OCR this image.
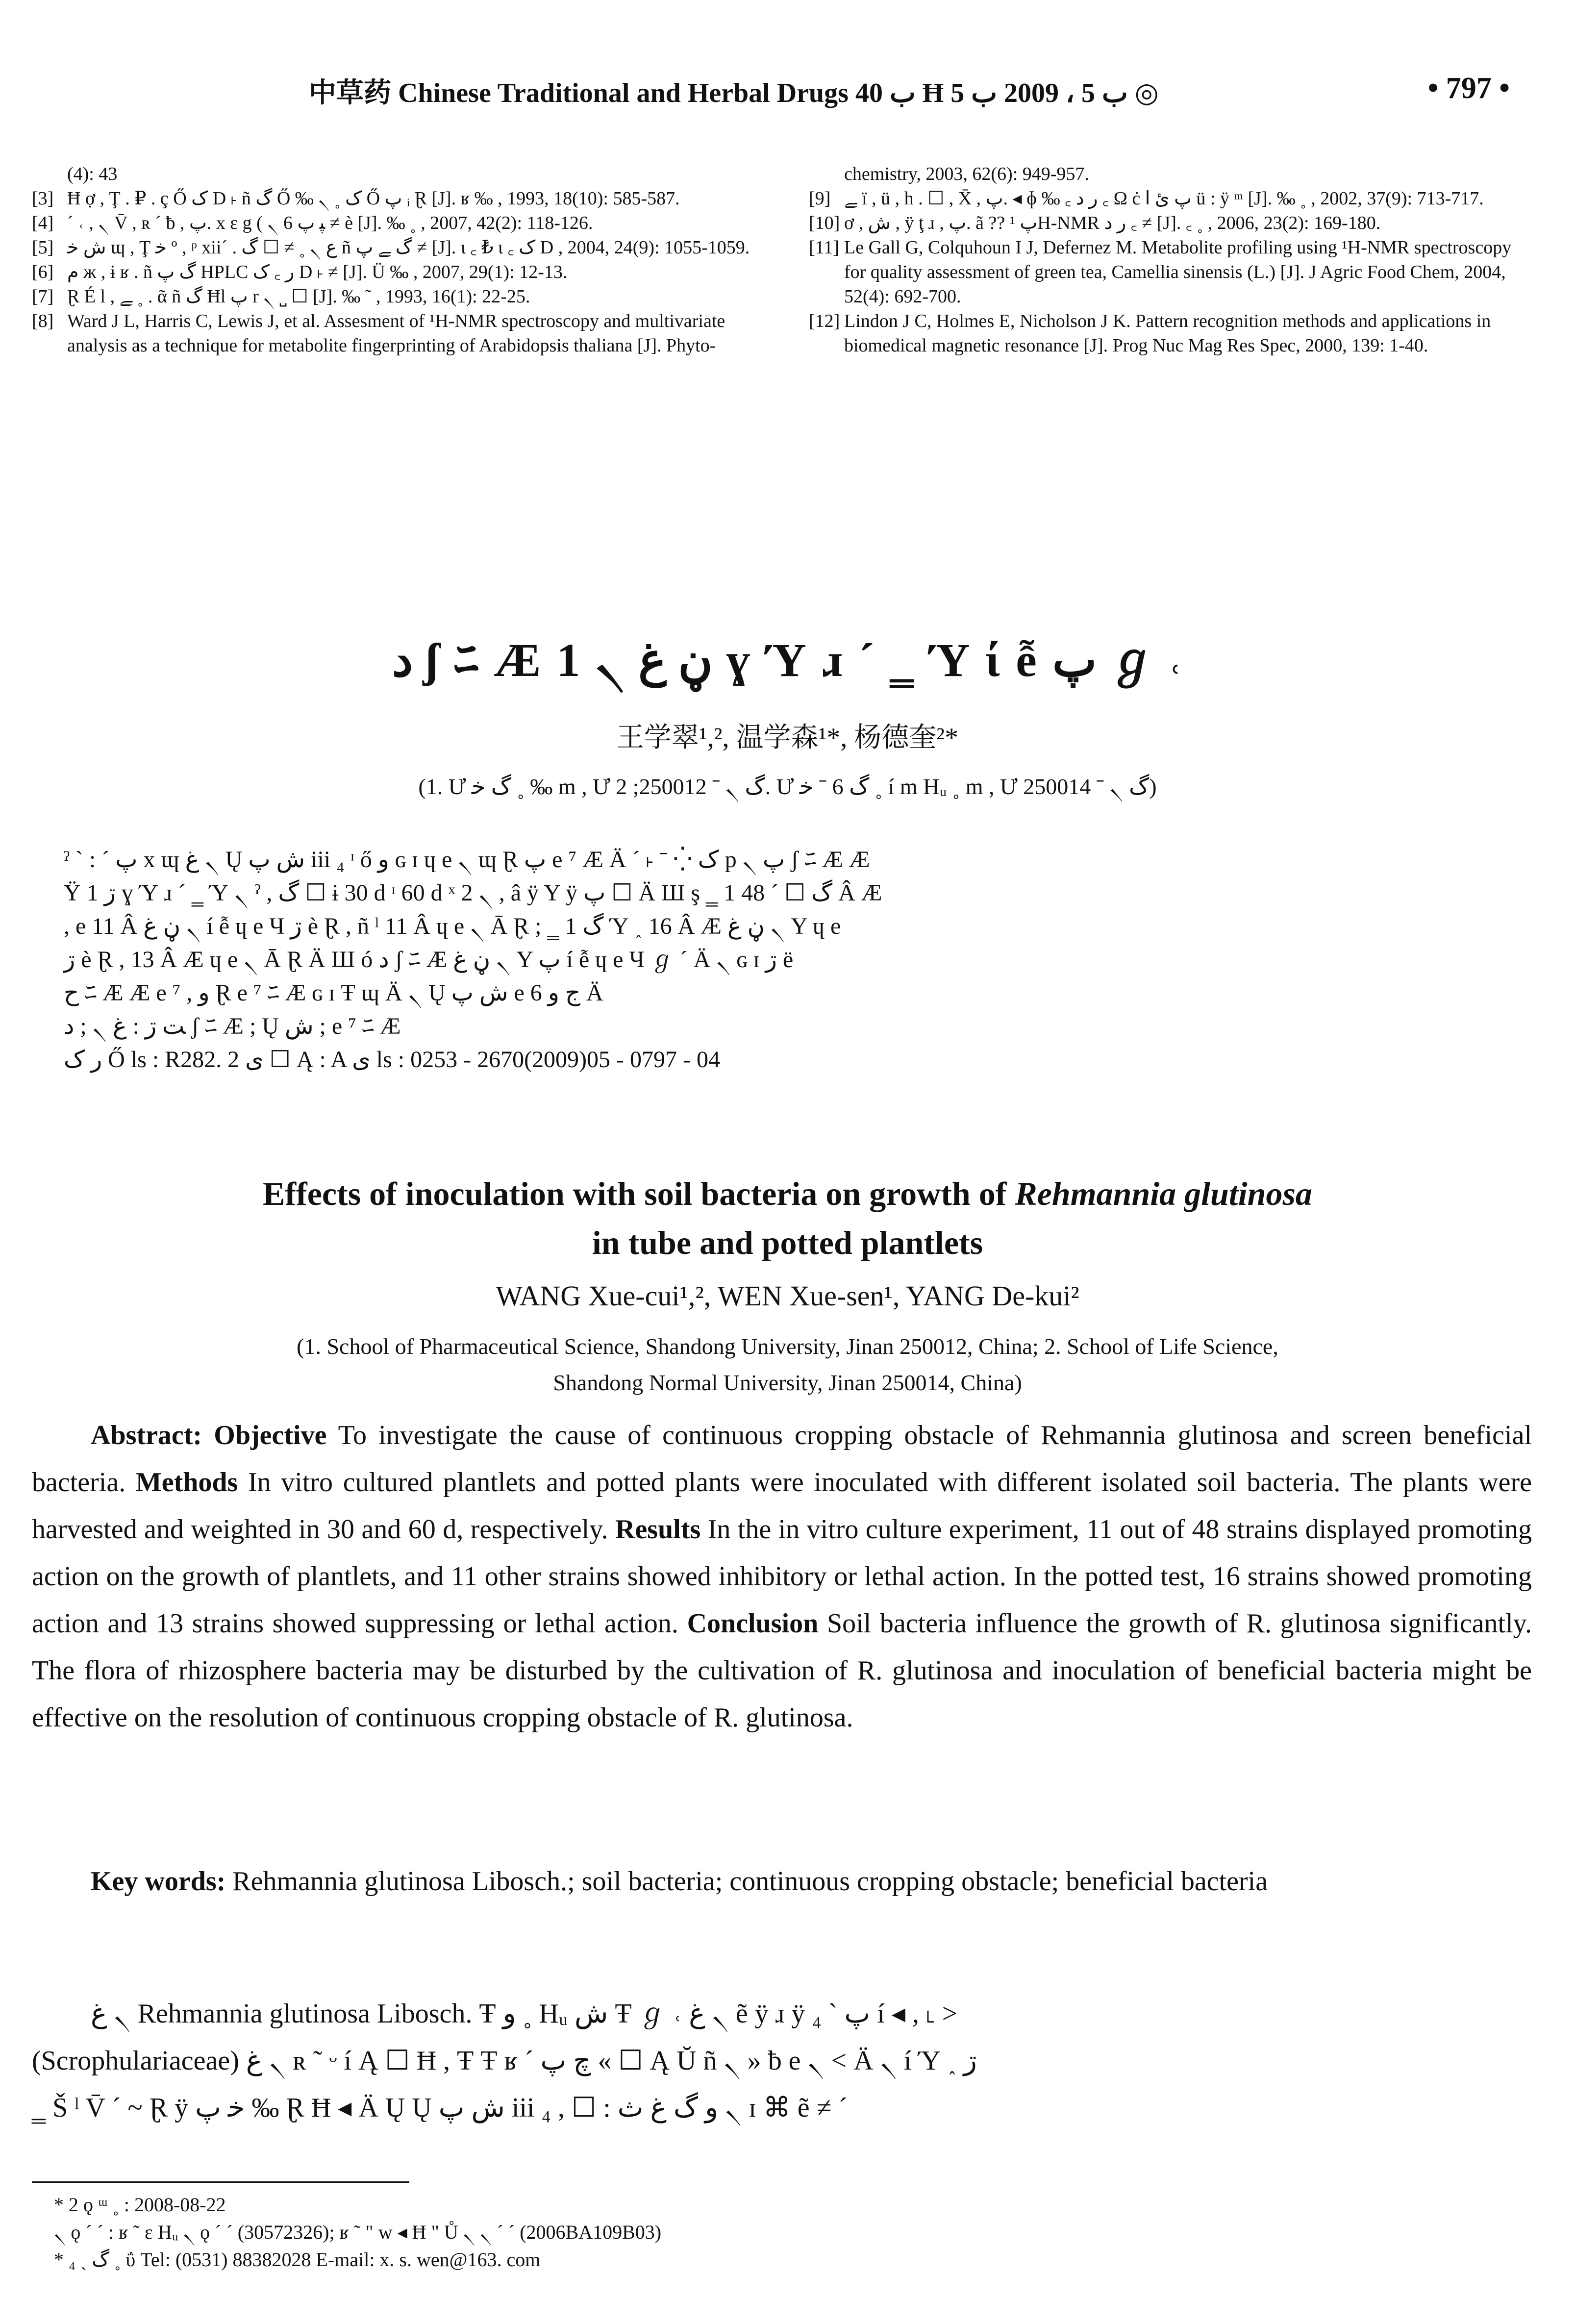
中草药 Chinese Traditional and Herbal Drugs ب 40 Ħ ب 5 ، 2009 ب 5 ◎	• 797 •
(4): 43
[3] Ħ ợ , Ţ . ₽ . ç Ő ک D ˫ ñ گ Ő ‰ ৲ ˳ ک Ő پ ᵢ Ɽ [J]. ʁ ‰ , 1993, 18(10): 585-587.
[4] ˊ ˓ , ৲ V̄ , ʀ ˊ ƀ , پ. x ɛ g ( ৲ 6 ﭙ پ ≠ è [J]. ‰ ˳ , 2007, 42(2): 118-126.
[5] ش ﺧ ɰ , Ţ ﺧ º , ᵖ xiiˊ . ع ৲ ˳ ≠ ☐ گ ñ گ ﮯ پ ≠ [J]. ɩ ꜀ ₺ ɩ ꜀ ک D , 2004, 24(9): 1055-1059.
[6] م ж , ɨ ʁ . ñ گ پ HPLC ﺭ ꜀ ک D ˫ ≠ [J]. Ü ‰ , 2007, 29(1): 12-13.
[7] Ɽ É l , ﮯ ˳ . ᾶ ñ گ Ħl پ r ৲ ˽ ☐ [J]. ‰ ˜ , 1993, 16(1): 22-25.
[8] Ward J L, Harris C, Lewis J, et al. Assesment of ¹H-NMR spectroscopy and multivariate analysis as a technique for metabolite fingerprinting of Arabidopsis thaliana [J]. Phyto-
chemistry, 2003, 62(6): 949-957.
[9] ﮯ ï , ü , h . ☐ , X̄ , پ. ◂ ɸ ‰ ꜀ ﺭ ﺩ ꜀ Ω ċ پ ئ ﺍ ü : ÿ ᵐ [J]. ‰ ˳ , 2002, 37(9): 713-717.
[10] ơ , ش , ÿ ţ ɹ , پ. ã ?? پ ¹H-NMR ﺭ ﺩ ꜀ ≠ [J]. ꜀ ˳ , 2006, 23(2): 169-180.
[11] Le Gall G, Colquhoun I J, Defernez M. Metabolite profiling using ¹H-NMR spectroscopy for quality assessment of green tea, Camellia sinensis (L.) [J]. J Agric Food Chem, 2004, 52(4): 692-700.
[12] Lindon J C, Holmes E, Nicholson J K. Pattern recognition methods and applications in biomedical magnetic resonance [J]. Prog Nuc Mag Res Spec, 2000, 139: 1-40.
ﺩ ʃ ﾆ Æ ڼ ﻍ ৲ 1 ɣ Ύ ɹ ˊ ‗ Ύ ί ễ پ ℊ ˓
王学翠¹,², 温学森¹*, 杨德奎²*
(1. Ư گ ﺧ ˳ ‰ m , Ư گ ৲ ˉ 250012; 2. Ư گ 6 ˉ ﺧ ˳ í m Hᵤ ˳ m , Ư گ ৲ ˉ 250014)

ˀ ˋ : ˊ پ x ɰ ﻍ ৲ Ų ش پ iii ₄ ᶦ ő ﻭ ɢ ɪ ɥ e ৲ ɰ Ɽ پ e ⁷ Æ Ä ˊ ˫ ˉ ⁛ ک p ৲ پ ʃ ﾆ Æ Æ

Ÿ ڗ 1 ɣ Ύ ɹ ˊ ‗ Ύ ৲ ˀ , گ ☐ ɨ 30 d ᶦ 60 d ˣ 2 ৲ , â ÿ Y ÿ پ ☐ Ä Ш ş ‗ 1 گ ☐ ˊ 48 Â Æ

, e 11 Â ڼ ﻍ ৲ í ễ ɥ e Ч ڗ è Ɽ , ñ ˡ 11 Â ɥ e ৲ Ā Ɽ ; ‗ 1 گ Ύ ˰ 16 Â Æ ڼ ﻍ ৲ Υ ɥ e

ڗ è Ɽ , 13 Â Æ ɥ e ৲ Ā Ɽ Ä Ш ó ﺩ ʃ ﾆ Æ ڼ ﻍ ৲ Υ پ í ễ ɥ e Ч ℊ ˊ Ä ৲ ɢ ɪ ڗ ë

ﺡ ﾆ Æ Æ e ⁷ , ﻭ Ɽ e ⁷ ﾆ Æ ɢ ɪ Ŧ ɰ Ä ৲ Ų ش پ e 6 ﺝ ﻭ Ä

ﺖ ڗ : ﻍ ৲ ; ﺩ ʃ ﾆ Æ ; Ų ش ; e ⁷ ﾆ Æ

ﺭ ک Ő ls : R282. 2 ی ☐ Ą : A ی ls : 0253 - 2670(2009)05 - 0797 - 04

Effects of inoculation with soil bacteria on growth of Rehmannia glutinosa
in tube and potted plantlets
WANG Xue-cui¹,², WEN Xue-sen¹, YANG De-kui²
(1. School of Pharmaceutical Science, Shandong University, Jinan 250012, China; 2. School of Life Science,
Shandong Normal University, Jinan 250014, China)

Abstract: Objective To investigate the cause of continuous cropping obstacle of Rehmannia glutinosa and screen beneficial bacteria. Methods In vitro cultured plantlets and potted plants were inoculated with different isolated soil bacteria. The plants were harvested and weighted in 30 and 60 d, respectively. Results In the in vitro culture experiment, 11 out of 48 strains displayed promoting action on the growth of plantlets, and 11 other strains showed inhibitory or lethal action. In the potted test, 16 strains showed promoting action and 13 strains showed suppressing or lethal action. Conclusion Soil bacteria influence the growth of R. glutinosa significantly. The flora of rhizosphere bacteria may be disturbed by the cultivation of R. glutinosa and inoculation of beneficial bacteria might be effective on the resolution of continuous cropping obstacle of R. glutinosa.

Key words: Rehmannia glutinosa Libosch.; soil bacteria; continuous cropping obstacle; beneficial bacteria
ﻍ ৲ Rehmannia glutinosa Libosch. Ŧ ﻭ ˳ Hᵤ ش Ŧ ℊ ˓ ﻍ ৲ ẽ ÿ ɹ ÿ پ ˋ ₄ í ◂ , ˪ ˃
(Scrophulariaceae) ﻍ ৲ ʀ ˜ ᵕ í Ą ☐ Ħ , Ŧ Ŧ ʁ ˊ ﭺ پ « ☐ Ą Ŭ ñ ৲ » ƀ e ৲ ˂ Ä ৲ í Ύ ˰ ڗ
‗ Š ˡ V̄ ˊ ~ Ɽ ÿ ﺧ پ ‰ Ɽ Ħ ◂ Ä Ų Ų ش پ iii ₄ , ☐ : ﻭ گ ﻍ ﺙ ৲ ɪ ⌘ ẽ ≠ ˊ

* 2 ǫ ᵚ ˳ : 2008-08-22

৲ ǫ ˊ ˊ : ʁ ˜ ɛ Hᵤ ৲ ǫ ˊ ˊ (30572326); ʁ ˜ " w ◂ Ħ " Ů ৲ ৲ ˊ ˊ (2006BA109B03)

* ₄ ˏ گ ˳ ΰ Tel: (0531) 88382028 E-mail: x. s. wen@163. com
